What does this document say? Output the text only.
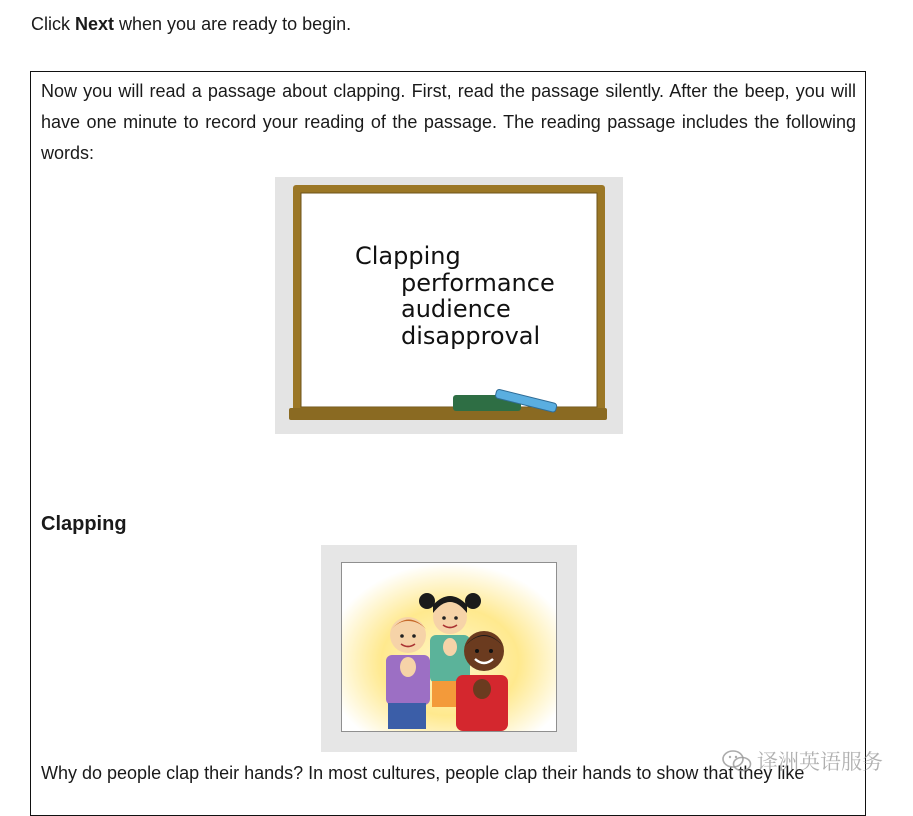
Click Next when you are ready to begin.

Now you will read a passage about clapping. First, read the passage silently. After the beep, you will have one minute to record your reading of the passage. The reading passage includes the following words:

Clapping
performance
audience
disapproval
Clapping

Why do people clap their hands? In most cultures, people clap their hands to show that they like

译洲英语服务
